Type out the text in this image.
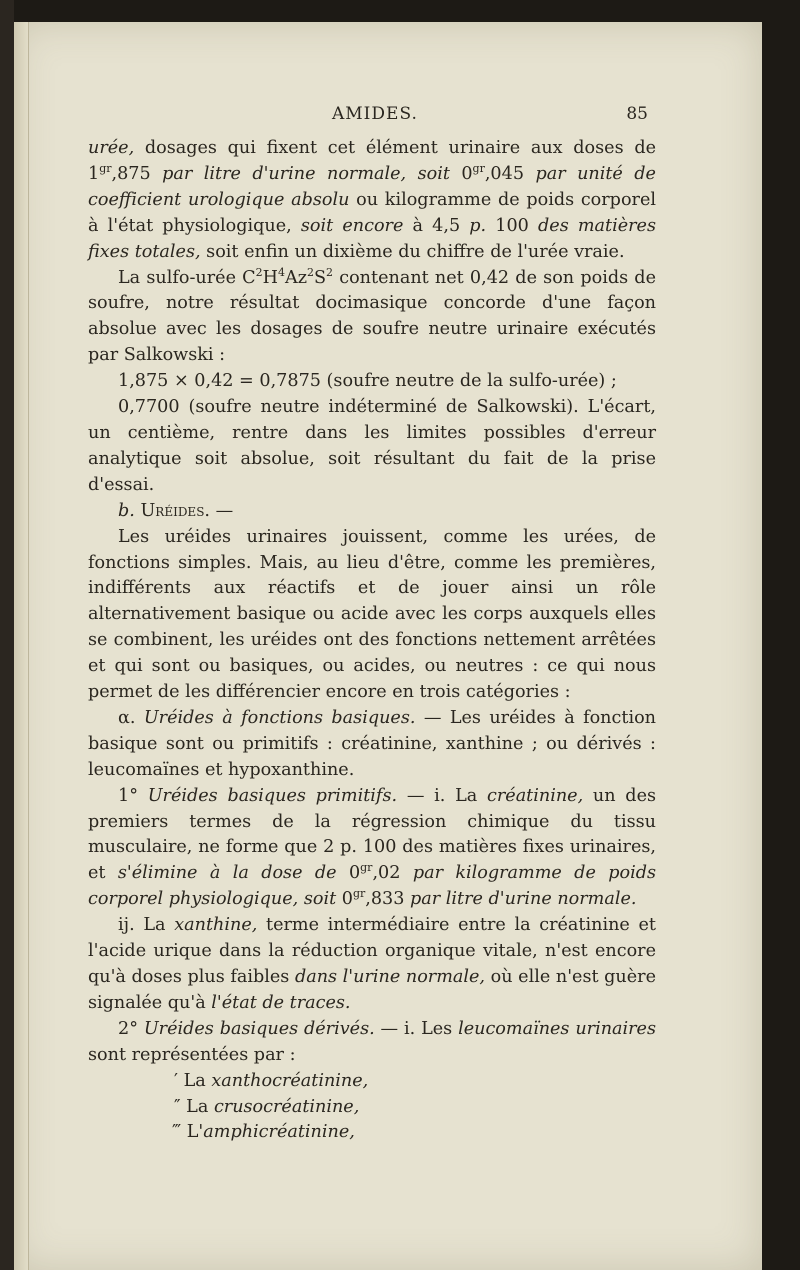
AMIDES.	85

urée, dosages qui fixent cet élément urinaire aux doses de $1^{gr},875$ par litre d'urine normale, soit $0^{gr},045$ par unité de coefficient urologique absolu ou kilogramme de poids corporel à l'état physiologique, soit encore à 4,5 p. 100 des matières fixes totales, soit enfin un dixième du chiffre de l'urée vraie.

La sulfo-urée $C^2H^4Az^2S^2$ contenant net 0,42 de son poids de soufre, notre résultat docimasique concorde d'une façon absolue avec les dosages de soufre neutre urinaire exécutés par Salkowski :

1,875 × 0,42 = 0,7875 (soufre neutre de la sulfo-urée) ;

0,7700 (soufre neutre indéterminé de Salkowski). L'écart, un centième, rentre dans les limites possibles d'erreur analytique soit absolue, soit résultant du fait de la prise d'essai.

b. Uréides. —

Les uréides urinaires jouissent, comme les urées, de fonctions simples. Mais, au lieu d'être, comme les premières, indifférents aux réactifs et de jouer ainsi un rôle alternativement basique ou acide avec les corps auxquels elles se combinent, les uréides ont des fonctions nettement arrêtées et qui sont ou basiques, ou acides, ou neutres : ce qui nous permet de les différencier encore en trois catégories :

α. Uréides à fonctions basiques. — Les uréides à fonction basique sont ou primitifs : créatinine, xanthine ; ou dérivés : leucomaïnes et hypoxanthine.

1° Uréides basiques primitifs. — i. La créatinine, un des premiers termes de la régression chimique du tissu musculaire, ne forme que 2 p. 100 des matières fixes urinaires, et s'élimine à la dose de $0^{gr},02$ par kilogramme de poids corporel physiologique, soit $0^{gr},833$ par litre d'urine normale.

ij. La xanthine, terme intermédiaire entre la créatinine et l'acide urique dans la réduction organique vitale, n'est encore qu'à doses plus faibles dans l'urine normale, où elle n'est guère signalée qu'à l'état de traces.

2° Uréides basiques dérivés. — i. Les leucomaïnes urinaires sont représentées par :

′ La xanthocréatinine,

″ La crusocréatinine,

‴ L'amphicréatinine,
